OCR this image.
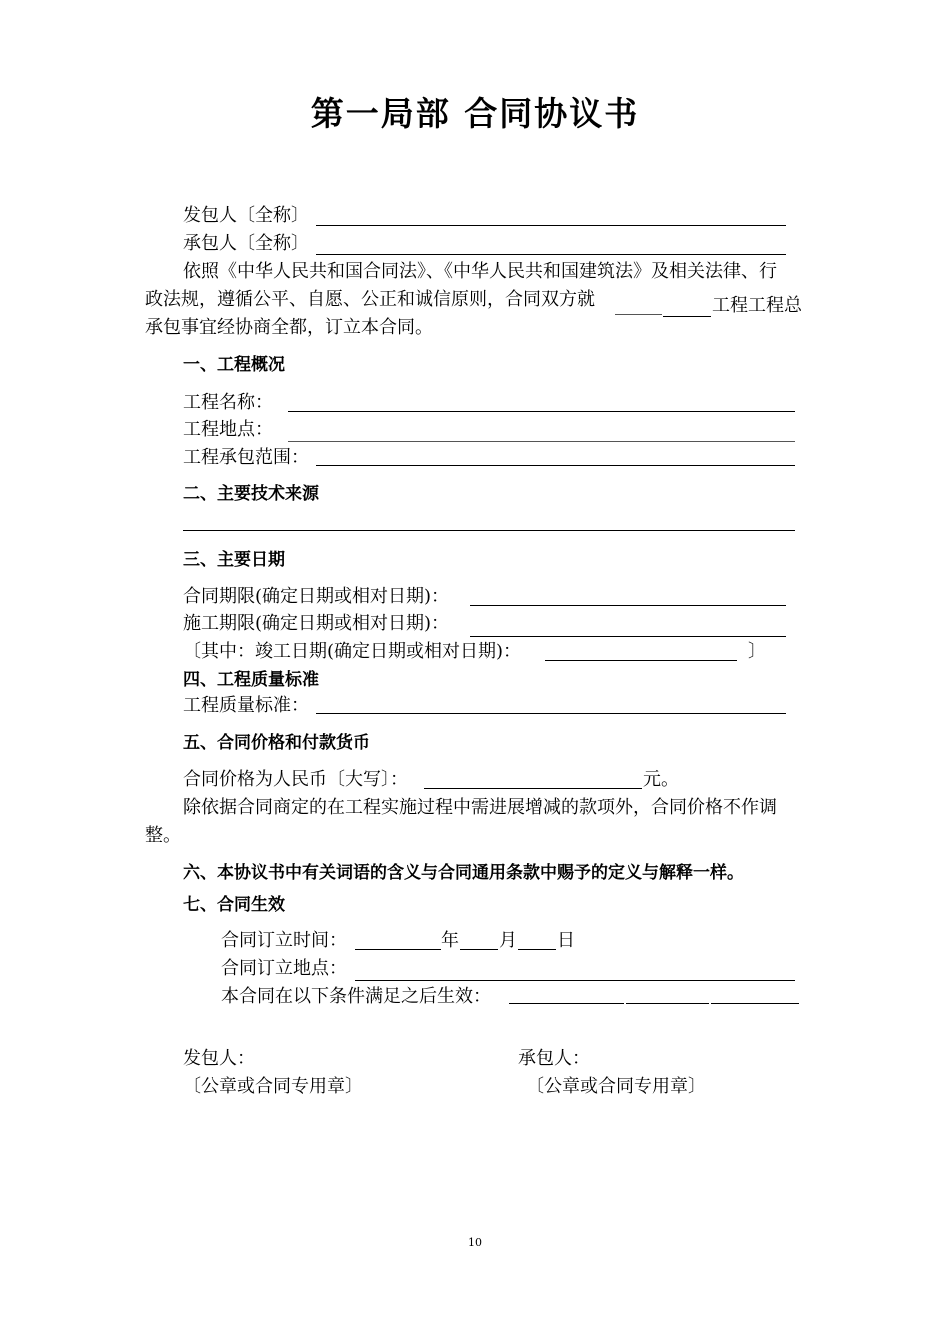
第一局部 合同协议书
发包人〔全称〕
承包人〔全称〕
依照《中华人民共和国合同法》、《中华人民共和国建筑法》及相关法律、行
政法规，遵循公平、自愿、公正和诚信原则，合同双方就	工程工程总
承包事宜经协商全都，订立本合同。
一、工程概况
工程名称：
工程地点：
工程承包范围：
二、主要技术来源
三、主要日期
合同期限(确定日期或相对日期)：
施工期限(确定日期或相对日期)：
〔其中：竣工日期(确定日期或相对日期)：	〕
四、工程质量标准
工程质量标准：
五、合同价格和付款货币
合同价格为人民币〔大写〕：	元。
除依据合同商定的在工程实施过程中需进展增减的款项外，合同价格不作调
整。
六、本协议书中有关词语的含义与合同通用条款中赐予的定义与解释一样。
七、合同生效
合同订立时间：	年 月 日
合同订立地点：
本合同在以下条件满足之后生效：
发包人：
〔公章或合同专用章〕
承包人：
〔公章或合同专用章〕
10
